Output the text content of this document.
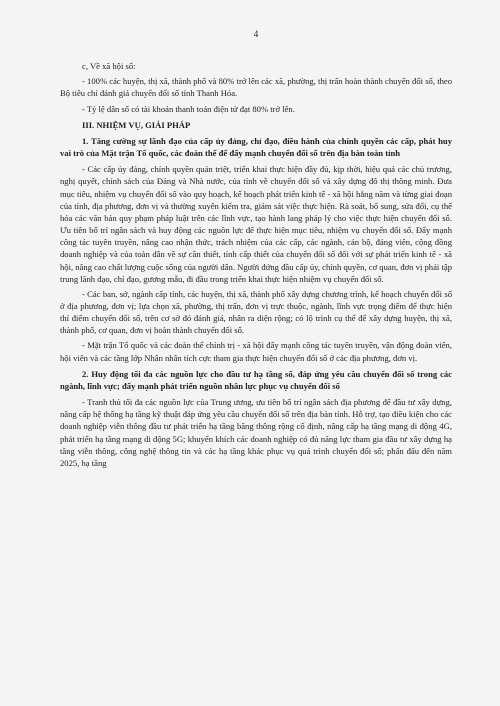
4

c, Về xã hội số:

- 100% các huyện, thị xã, thành phố và 80% trở lên các xã, phường, thị trấn hoàn thành chuyển đổi số, theo Bộ tiêu chí đánh giá chuyển đổi số tỉnh Thanh Hóa.

- Tỷ lệ dân số có tài khoản thanh toán điện tử đạt 80% trở lên.

III. NHIỆM VỤ, GIẢI PHÁP

1. Tăng cường sự lãnh đạo của cấp ủy đảng, chỉ đạo, điều hành của chính quyền các cấp, phát huy vai trò của Mặt trận Tổ quốc, các đoàn thể để đẩy mạnh chuyển đổi số trên địa bàn toàn tỉnh

- Các cấp ủy đảng, chính quyền quán triệt, triển khai thực hiện đầy đủ, kịp thời, hiệu quả các chủ trương, nghị quyết, chính sách của Đảng và Nhà nước, của tỉnh về chuyển đổi số và xây dựng đô thị thông minh. Đưa mục tiêu, nhiệm vụ chuyển đổi số vào quy hoạch, kế hoạch phát triển kinh tế - xã hội hằng năm và từng giai đoạn của tỉnh, địa phương, đơn vị và thường xuyên kiểm tra, giám sát việc thực hiện. Rà soát, bổ sung, sửa đổi, cụ thể hóa các văn bản quy phạm pháp luật trên các lĩnh vực, tạo hành lang pháp lý cho việc thực hiện chuyển đổi số. Ưu tiên bố trí ngân sách và huy động các nguồn lực để thực hiện mục tiêu, nhiệm vụ chuyển đổi số. Đẩy mạnh công tác tuyên truyền, nâng cao nhận thức, trách nhiệm của các cấp, các ngành, cán bộ, đảng viên, cộng đồng doanh nghiệp và của toàn dân về sự cần thiết, tính cấp thiết của chuyển đổi số đối với sự phát triển kinh tế - xã hội, nâng cao chất lượng cuộc sống của người dân. Người đứng đầu cấp ủy, chính quyền, cơ quan, đơn vị phải tập trung lãnh đạo, chỉ đạo, gương mẫu, đi đầu trong triển khai thực hiện nhiệm vụ chuyển đổi số.

- Các ban, sở, ngành cấp tỉnh, các huyện, thị xã, thành phố xây dựng chương trình, kế hoạch chuyển đổi số ở địa phương, đơn vị; lựa chọn xã, phường, thị trấn, đơn vị trực thuộc, ngành, lĩnh vực trọng điểm để thực hiện thí điểm chuyển đổi số, trên cơ sở đó đánh giá, nhân ra diện rộng; có lộ trình cụ thể để xây dựng huyện, thị xã, thành phố, cơ quan, đơn vị hoàn thành chuyển đổi số.

- Mặt trận Tổ quốc và các đoàn thể chính trị - xã hội đẩy mạnh công tác tuyên truyền, vận động đoàn viên, hội viên và các tầng lớp Nhân nhân tích cực tham gia thực hiện chuyển đổi số ở các địa phương, đơn vị.

2. Huy động tối đa các nguồn lực cho đầu tư hạ tầng số, đáp ứng yêu cầu chuyển đổi số trong các ngành, lĩnh vực; đẩy mạnh phát triển nguồn nhân lực phục vụ chuyển đổi số

- Tranh thủ tối đa các nguồn lực của Trung ương, ưu tiên bố trí ngân sách địa phương để đầu tư xây dựng, nâng cấp hệ thống hạ tầng kỹ thuật đáp ứng yêu cầu chuyển đổi số trên địa bàn tỉnh. Hỗ trợ, tạo điều kiện cho các doanh nghiệp viễn thông đầu tư phát triển hạ tầng băng thông rộng cố định, nâng cấp hạ tầng mạng di động 4G, phát triển hạ tầng mạng di động 5G; khuyến khích các doanh nghiệp có đủ năng lực tham gia đầu tư xây dựng hạ tầng viễn thông, công nghệ thông tin và các hạ tầng khác phục vụ quá trình chuyển đổi số; phấn đấu đến năm 2025, hạ tầng
